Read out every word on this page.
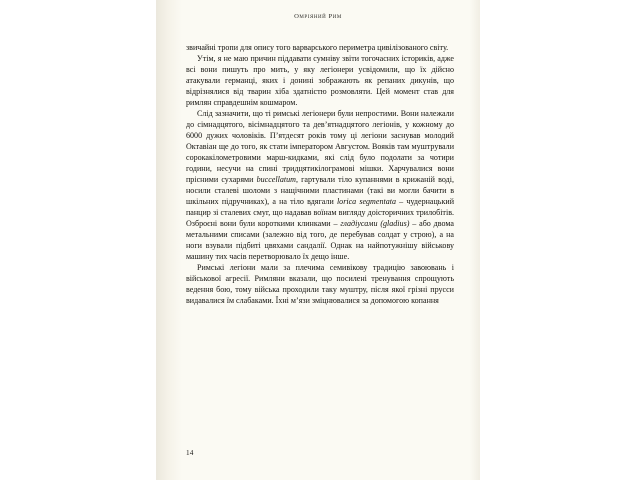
Омріяний Рим

звичайні тропи для опису того варварського периметра цивілізованого світу.

Утім, я не маю причин піддавати сумніву звіти тогочасних істориків, адже всі вони пишуть про мить, у яку легіонери усвідомили, що їх дійсно атакували германці, яких і донині зображають як репаних дикунів, що відрізнялися від тварин хіба здатністю розмовляти. Цей момент став для римлян справдешнім кошмаром.

Слід зазначити, що ті римські легіонери були непростими. Вони належали до сімнадцятого, вісімнадцятого та дев’ятнадцятого легіонів, у кожному до 6000 дужих чоловіків. П’ятдесят років тому ці легіони заснував молодий Октавіан ще до того, як стати імператором Августом. Вояків там муштрували сорокакілометровими марш-кидками, які слід було подолати за чотири години, несучи на спині тридцятикілограмові мішки. Харчувалися вони прісними сухарями buccellatum, гартували тіло купаннями в крижаній воді, носили сталеві шоломи з нащічними пластинами (такі ви могли бачити в шкільних підручниках), а на тіло вдягали lorica segmentata – чудернацький панцир зі сталевих смуг, що надавав воїнам вигляду доісторичних трилобітів. Озброєні вони були короткими клинками – гладіусами (gladius) – або двома метальними списами (залежно від того, де перебував солдат у строю), а на ноги взували підбиті цвяхами сандалії. Однак на найпотужнішу військову машину тих часів перетворювало їх дещо інше.

Римські легіони мали за плечима семивікову традицію завоювань і військової агресії. Римляни вказали, що посилені тренування спрощують ведення бою, тому війська проходили таку муштру, після якої грізні прусси видавалися їм слабаками. Їхні м’язи зміцнювалися за допомогою копання

14
